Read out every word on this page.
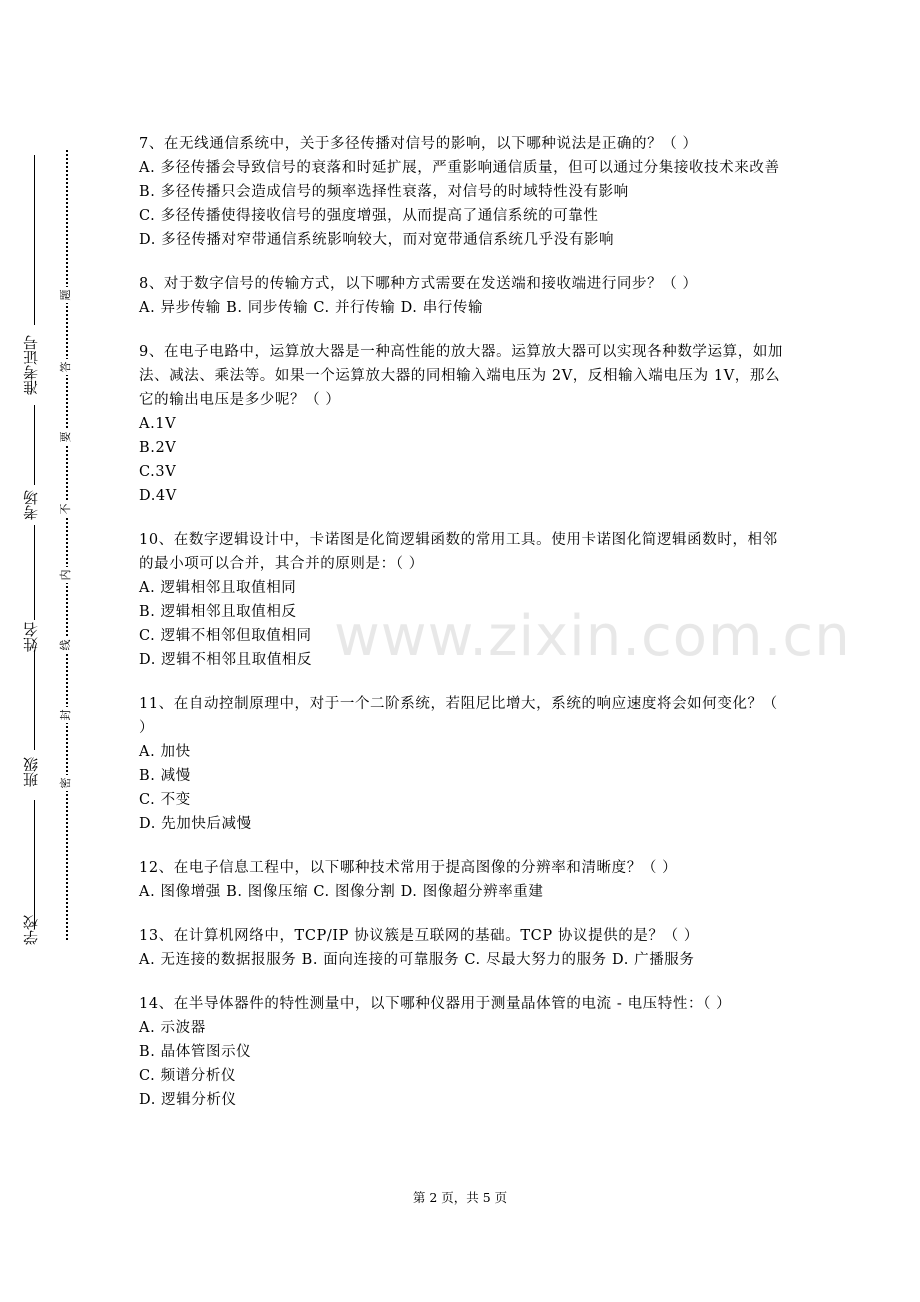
学校
班级
姓名
考场
准考证号
密
封
线
内
不
要
答
题
7、在无线通信系统中，关于多径传播对信号的影响，以下哪种说法是正确的？（ ）
A. 多径传播会导致信号的衰落和时延扩展，严重影响通信质量，但可以通过分集接收技术来改善
B. 多径传播只会造成信号的频率选择性衰落，对信号的时域特性没有影响
C. 多径传播使得接收信号的强度增强，从而提高了通信系统的可靠性
D. 多径传播对窄带通信系统影响较大，而对宽带通信系统几乎没有影响
8、对于数字信号的传输方式，以下哪种方式需要在发送端和接收端进行同步？（ ）
A. 异步传输 B. 同步传输 C. 并行传输 D. 串行传输
9、在电子电路中，运算放大器是一种高性能的放大器。运算放大器可以实现各种数学运算，如加法、减法、乘法等。如果一个运算放大器的同相输入端电压为 2V，反相输入端电压为 1V，那么它的输出电压是多少呢？（ ）
A.1V
B.2V
C.3V
D.4V
10、在数字逻辑设计中，卡诺图是化简逻辑函数的常用工具。使用卡诺图化简逻辑函数时，相邻的最小项可以合并，其合并的原则是：（ ）
A. 逻辑相邻且取值相同
B. 逻辑相邻且取值相反
C. 逻辑不相邻但取值相同
D. 逻辑不相邻且取值相反
11、在自动控制原理中，对于一个二阶系统，若阻尼比增大，系统的响应速度将会如何变化？（ ）
A. 加快
B. 减慢
C. 不变
D. 先加快后减慢
12、在电子信息工程中，以下哪种技术常用于提高图像的分辨率和清晰度？（ ）
A. 图像增强 B. 图像压缩 C. 图像分割 D. 图像超分辨率重建
13、在计算机网络中，TCP/IP 协议簇是互联网的基础。TCP 协议提供的是？（ ）
A. 无连接的数据报服务 B. 面向连接的可靠服务 C. 尽最大努力的服务 D. 广播服务
14、在半导体器件的特性测量中，以下哪种仪器用于测量晶体管的电流 - 电压特性：（ ）
A. 示波器
B. 晶体管图示仪
C. 频谱分析仪
D. 逻辑分析仪
www.zixin.com.cn
第 2 页，共 5 页
